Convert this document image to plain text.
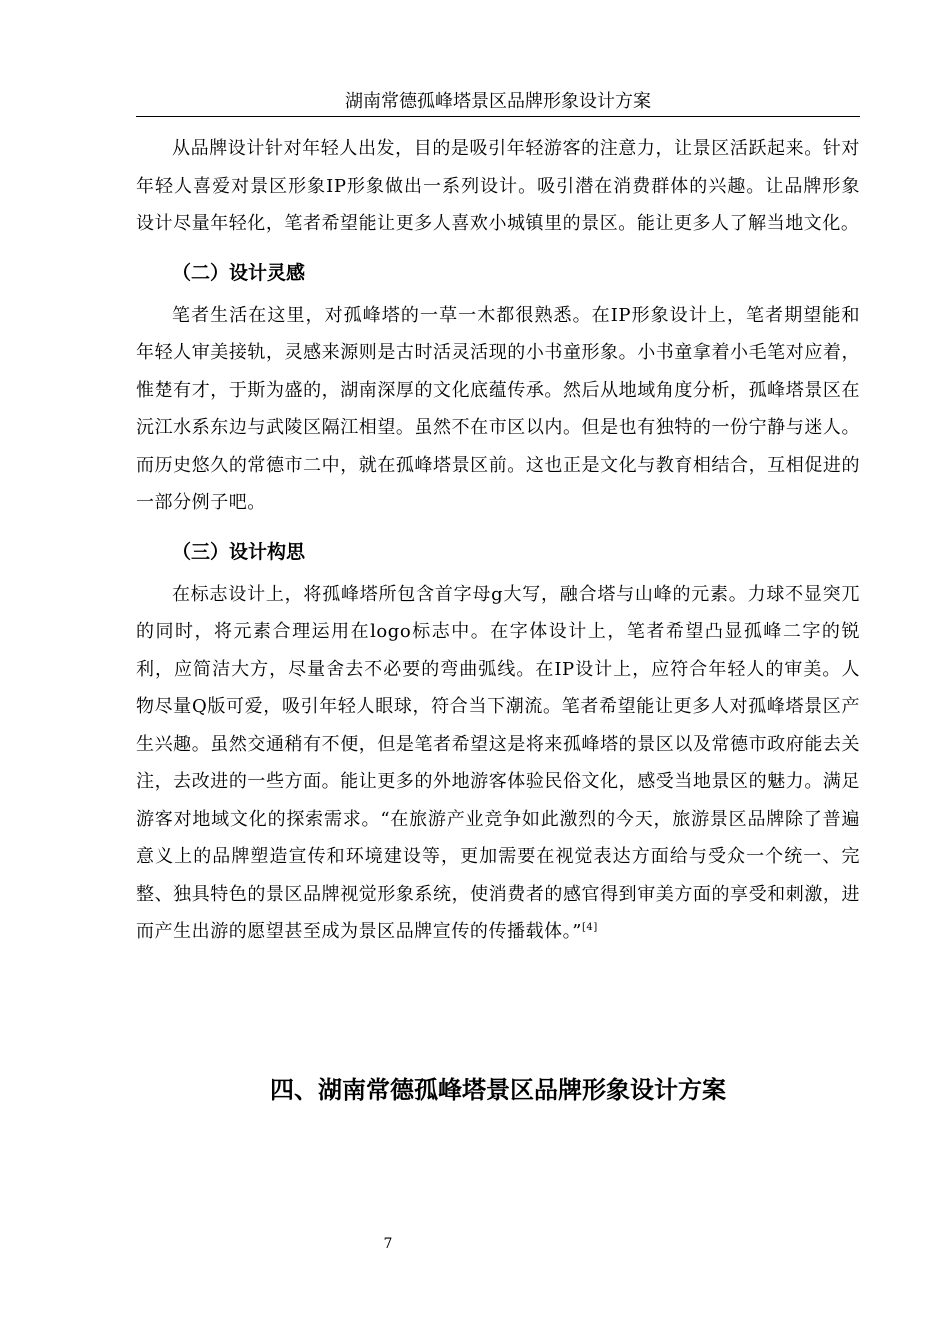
湖南常德孤峰塔景区品牌形象设计方案

从品牌设计针对年轻人出发，目的是吸引年轻游客的注意力，让景区活跃起来。针对年轻人喜爱对景区形象IP形象做出一系列设计。吸引潜在消费群体的兴趣。让品牌形象设计尽量年轻化，笔者希望能让更多人喜欢小城镇里的景区。能让更多人了解当地文化。

（二）设计灵感

笔者生活在这里，对孤峰塔的一草一木都很熟悉。在IP形象设计上，笔者期望能和年轻人审美接轨，灵感来源则是古时活灵活现的小书童形象。小书童拿着小毛笔对应着，惟楚有才，于斯为盛的，湖南深厚的文化底蕴传承。然后从地域角度分析，孤峰塔景区在沅江水系东边与武陵区隔江相望。虽然不在市区以内。但是也有独特的一份宁静与迷人。而历史悠久的常德市二中，就在孤峰塔景区前。这也正是文化与教育相结合，互相促进的一部分例子吧。

（三）设计构思

在标志设计上，将孤峰塔所包含首字母g大写，融合塔与山峰的元素。力球不显突兀的同时，将元素合理运用在logo标志中。在字体设计上，笔者希望凸显孤峰二字的锐利，应简洁大方，尽量舍去不必要的弯曲弧线。在IP设计上，应符合年轻人的审美。人物尽量Q版可爱，吸引年轻人眼球，符合当下潮流。笔者希望能让更多人对孤峰塔景区产生兴趣。虽然交通稍有不便，但是笔者希望这是将来孤峰塔的景区以及常德市政府能去关注，去改进的一些方面。能让更多的外地游客体验民俗文化，感受当地景区的魅力。满足游客对地域文化的探索需求。“在旅游产业竞争如此激烈的今天，旅游景区品牌除了普遍意义上的品牌塑造宣传和环境建设等，更加需要在视觉表达方面给与受众一个统一、完整、独具特色的景区品牌视觉形象系统，使消费者的感官得到审美方面的享受和刺激，进而产生出游的愿望甚至成为景区品牌宣传的传播载体。”[4]

四、湖南常德孤峰塔景区品牌形象设计方案
7
